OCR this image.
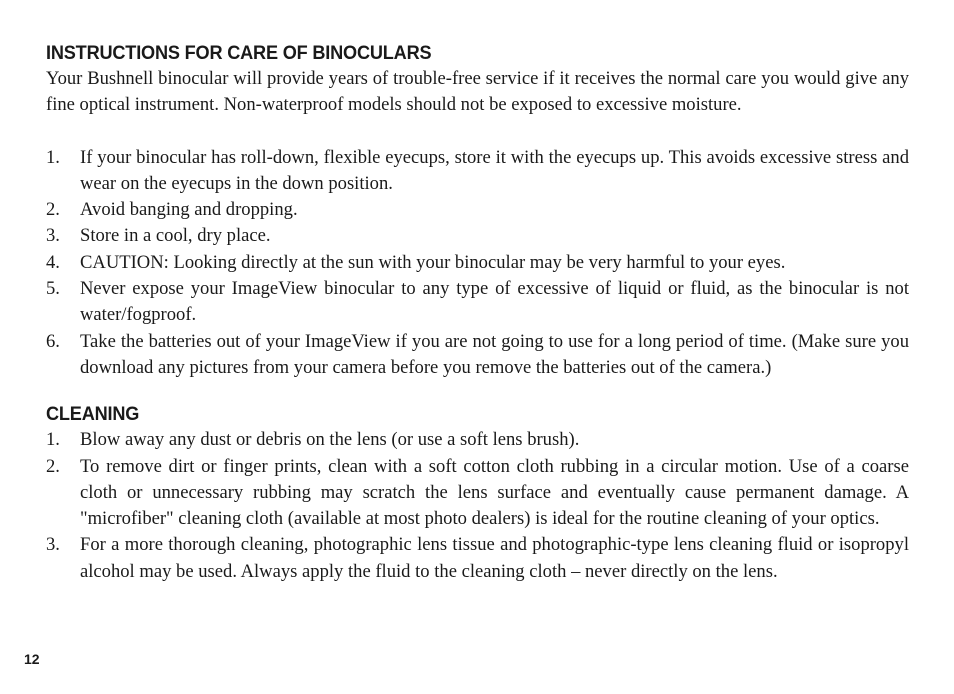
INSTRUCTIONS FOR CARE OF BINOCULARS

Your Bushnell binocular will provide years of trouble-free service if it receives the normal care you would give any fine optical instrument. Non-waterproof models should not be exposed to excessive moisture.

1. If your binocular has roll-down, flexible eyecups, store it with the eyecups up. This avoids excessive stress and wear on the eyecups in the down position.
2. Avoid banging and dropping.
3. Store in a cool, dry place.
4. CAUTION: Looking directly at the sun with your binocular may be very harmful to your eyes.
5. Never expose your ImageView binocular to any type of excessive of liquid or fluid, as the binocular is not water/fogproof.
6. Take the batteries out of your ImageView if you are not going to use for a long period of time. (Make sure you download any pictures from your camera before you remove the batteries out of the camera.)
CLEANING
1. Blow away any dust or debris on the lens (or use a soft lens brush).
2. To remove dirt or finger prints, clean with a soft cotton cloth rubbing in a circular motion. Use of a coarse cloth or unnecessary rubbing may scratch the lens surface and eventually cause permanent damage. A "microfiber" cleaning cloth (available at most photo dealers) is ideal for the routine cleaning of your optics.
3. For a more thorough cleaning, photographic lens tissue and photographic-type lens cleaning fluid or isopropyl alcohol may be used. Always apply the fluid to the cleaning cloth – never directly on the lens.
12
